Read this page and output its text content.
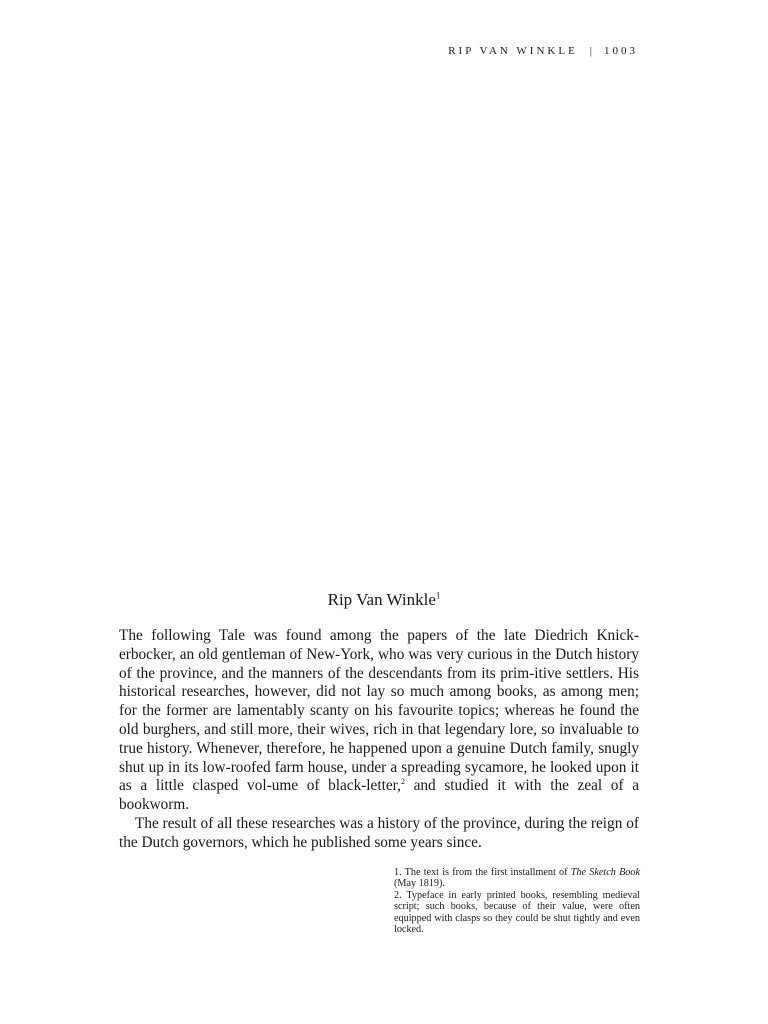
RIP VAN WINKLE | 1003
Rip Van Winkle$^1$

The following Tale was found among the papers of the late Diedrich Knick-erbocker, an old gentleman of New-York, who was very curious in the Dutch history of the province, and the manners of the descendants from its prim-itive settlers. His historical researches, however, did not lay so much among books, as among men; for the former are lamentably scanty on his favourite topics; whereas he found the old burghers, and still more, their wives, rich in that legendary lore, so invaluable to true history. Whenever, therefore, he happened upon a genuine Dutch family, snugly shut up in its low-roofed farm house, under a spreading sycamore, he looked upon it as a little clasped vol-ume of black-letter,$^2$ and studied it with the zeal of a bookworm.

The result of all these researches was a history of the province, during the reign of the Dutch governors, which he published some years since.

1. The text is from the first installment of The Sketch Book (May 1819).

2. Typeface in early printed books, resembling medieval script; such books, because of their value, were often equipped with clasps so they could be shut tightly and even locked.
